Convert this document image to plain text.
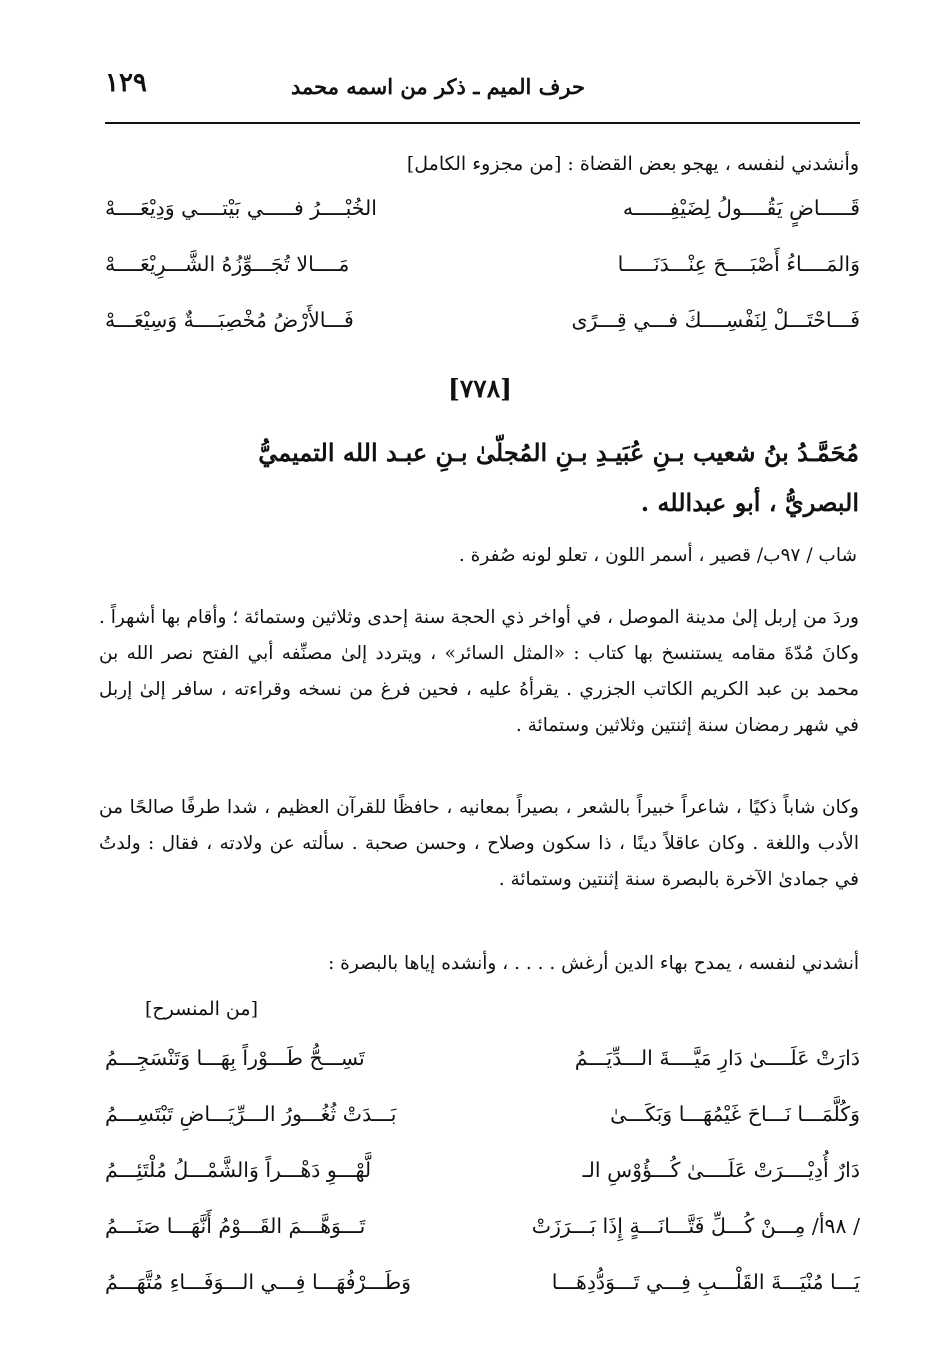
حرف الميم ـ ذكر من اسمه محمد
١٢٩
وأنشدني لنفسه ، يهجو بعض القضاة : [من مجزوء الكامل]
قَـــــاضٍ يَقُــــولُ لِضَيْفِــــــه
الخُبْــــرُ فـــــي بَيْتــــي وَدِيْعَــــهْ
وَالمَــــاءُ أَصْبَــــحَ عِنْـــدَنَـــــا
مَــــالا تُجَـــوِّزُهُ الشَّـــرِيْعَــــهْ
فَـــاحْتَـــلْ لِنَفْسِــــكَ فـــي قِـــرًى
فَـــالأَرْضُ مُخْصِبَــــةٌ وَسِيْعَـــهْ
[٧٧٨]
مُحَمَّـدُ بنُ شعيب بـنِ عُبَيـدِ بـنِ المُجلّىٰ بـنِ عبـد الله التميميُّ
البصريُّ ، أبو عبدالله .
شاب / ٩٧ب/ قصير ، أسمر اللون ، تعلو لونه صُفرة .
وردَ من إربل إلىٰ مدينة الموصل ، في أواخر ذي الحجة سنة إحدى وثلاثين وستمائة ؛ وأقام بها أشهراً . وكانَ مُدّةَ مقامه يستنسخ بها كتاب : «المثل السائر» ، ويتردد إلىٰ مصنِّفه أبي الفتح نصر الله بن محمد بن عبد الكريم الكاتب الجزري . يقرأهُ عليه ، فحين فرغ من نسخه وقراءته ، سافر إلىٰ إربل في شهر رمضان سنة إثنتين وثلاثين وستمائة .
وكان شاباً ذكيًا ، شاعراً خبيراً بالشعر ، بصيراً بمعانيه ، حافظًا للقرآن العظيم ، شدا طرفًا صالحًا من الأدب واللغة . وكان عاقلاً دينًا ، ذا سكون وصلاح ، وحسن صحبة . سألته عن ولادته ، فقال : ولدتُ في جمادىٰ الآخرة بالبصرة سنة إثنتين وستمائة .
أنشدني لنفسه ، يمدح بهاء الدين أرغش . . . . ، وأنشده إياها بالبصرة :
[من المنسرح]
دَارَتْ عَلَــــىٰ دَارِ مَيَّــــةَ الـــدِّيَـــمُ
تَسِـــحُّ طَـــوْراً بِهَـــا وَتَنْسَجِـــمُ
وَكُلَّمَـــا نَـــاحَ غَيْمُهَـــا وَبَكَـــىٰ
بَـــدَتْ ثُغُـــورُ الـــرِّيَـــاضِ تَبْتَسِـــمُ
دَارٌ أُدِيْــــرَتْ عَلَــــىٰ كُـــؤُوْسِ الـ
لَّهْـــوِ دَهْـــراً وَالشَّمْـــلُ مُلْتَئِـــمُ
/ ٩٨أ/ مِـــنْ كُـــلِّ فَتَّـــانَـــةٍ إِذَا بَـــرَزَتْ
تَـــوَهَّـــمَ القَـــوْمُ أَنَّهَـــا صَنَـــمُ
يَـــا مُنْيَـــةَ القَلْـــبِ فِـــي تَـــوَدُّدِهَـــا
وَطَـــرْفُهَـــا فِـــي الـــوَفَـــاءِ مُتَّهَـــمُ
